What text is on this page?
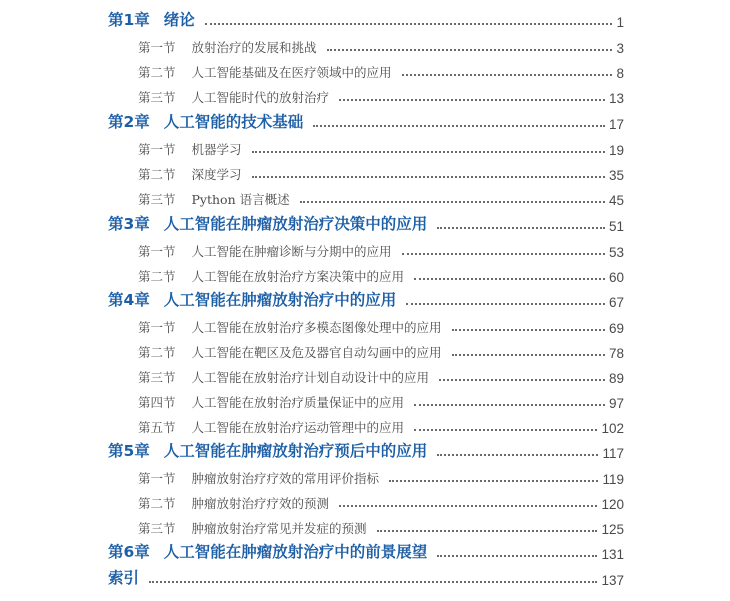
第1章 绪论	1
第一节 放射治疗的发展和挑战	3
第二节 人工智能基础及在医疗领域中的应用	8
第三节 人工智能时代的放射治疗	13
第2章 人工智能的技术基础	17
第一节 机器学习	19
第二节 深度学习	35
第三节 Python 语言概述	45
第3章 人工智能在肿瘤放射治疗决策中的应用	51
第一节 人工智能在肿瘤诊断与分期中的应用	53
第二节 人工智能在放射治疗方案决策中的应用	60
第4章 人工智能在肿瘤放射治疗中的应用	67
第一节 人工智能在放射治疗多模态图像处理中的应用	69
第二节 人工智能在靶区及危及器官自动勾画中的应用	78
第三节 人工智能在放射治疗计划自动设计中的应用	89
第四节 人工智能在放射治疗质量保证中的应用	97
第五节 人工智能在放射治疗运动管理中的应用	102
第5章 人工智能在肿瘤放射治疗预后中的应用	117
第一节 肿瘤放射治疗疗效的常用评价指标	119
第二节 肿瘤放射治疗疗效的预测	120
第三节 肿瘤放射治疗常见并发症的预测	125
第6章 人工智能在肿瘤放射治疗中的前景展望	131
索引	137
